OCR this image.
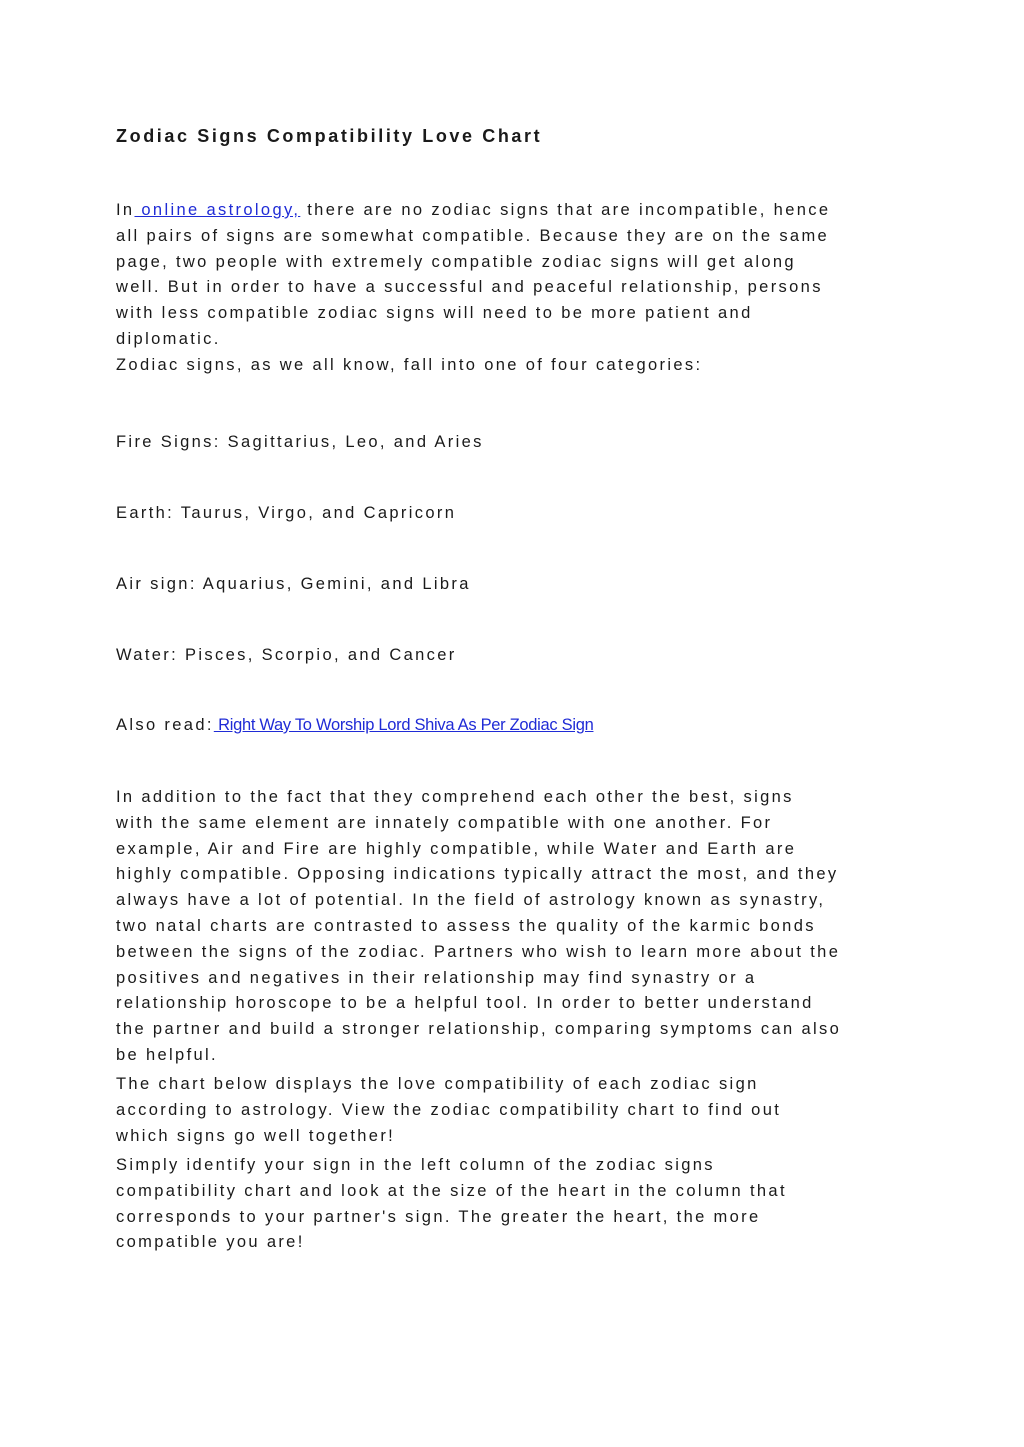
Zodiac Signs Compatibility Love Chart

In online astrology, there are no zodiac signs that are incompatible, hence
all pairs of signs are somewhat compatible. Because they are on the same
page, two people with extremely compatible zodiac signs will get along
well. But in order to have a successful and peaceful relationship, persons
with less compatible zodiac signs will need to be more patient and
diplomatic.
Zodiac signs, as we all know, fall into one of four categories:

Fire Signs: Sagittarius, Leo, and Aries

Earth: Taurus, Virgo, and Capricorn

Air sign: Aquarius, Gemini, and Libra

Water: Pisces, Scorpio, and Cancer

Also read: Right Way To Worship Lord Shiva As Per Zodiac Sign

In addition to the fact that they comprehend each other the best, signs
with the same element are innately compatible with one another. For
example, Air and Fire are highly compatible, while Water and Earth are
highly compatible. Opposing indications typically attract the most, and they
always have a lot of potential. In the field of astrology known as synastry,
two natal charts are contrasted to assess the quality of the karmic bonds
between the signs of the zodiac. Partners who wish to learn more about the
positives and negatives in their relationship may find synastry or a
relationship horoscope to be a helpful tool. In order to better understand
the partner and build a stronger relationship, comparing symptoms can also
be helpful.

The chart below displays the love compatibility of each zodiac sign
according to astrology. View the zodiac compatibility chart to find out
which signs go well together!

Simply identify your sign in the left column of the zodiac signs
compatibility chart and look at the size of the heart in the column that
corresponds to your partner's sign. The greater the heart, the more
compatible you are!
